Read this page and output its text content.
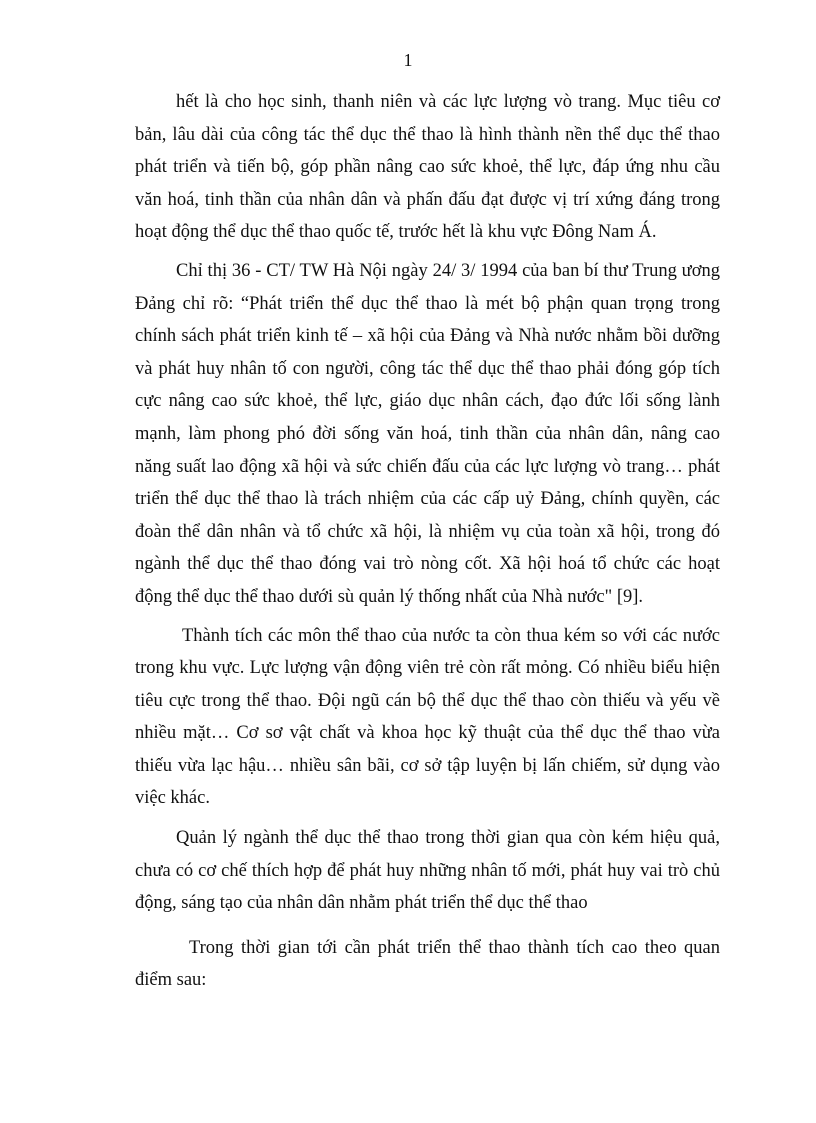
1

hết là cho học sinh, thanh niên và các lực lượng vò trang. Mục tiêu cơ bản, lâu dài của công tác thể dục thể thao là hình thành nền thể dục thể thao phát triển và tiến bộ, góp phần nâng cao sức khoẻ, thể lực, đáp ứng nhu cầu văn hoá, tinh thần của nhân dân và phấn đấu đạt được vị trí xứng đáng trong hoạt động thể dục thể thao quốc tế, trước hết là khu vực Đông Nam Á.

Chỉ thị 36 - CT/ TW Hà Nội ngày 24/ 3/ 1994 của ban bí thư Trung ương Đảng chỉ rõ: “Phát triển thể dục thể thao là mét bộ phận quan trọng trong chính sách phát triển kinh tế – xã hội của Đảng và Nhà nước nhằm bồi dưỡng và phát huy nhân tố con người, công tác thể dục thể thao phải đóng góp tích cực nâng cao sức khoẻ, thể lực, giáo dục nhân cách, đạo đức lối sống lành mạnh, làm phong phó đời sống văn hoá, tinh thần của nhân dân, nâng cao năng suất lao động xã hội và sức chiến đấu của các lực lượng vò trang… phát triển thể dục thể thao là trách nhiệm của các cấp uỷ Đảng, chính quyền, các đoàn thể dân nhân và tổ chức xã hội, là nhiệm vụ của toàn xã hội, trong đó ngành thể dục thể thao đóng vai trò nòng cốt. Xã hội hoá tổ chức các hoạt động thể dục thể thao dưới sù quản lý thống nhất của Nhà nước" [9].

Thành tích các môn thể thao của nước ta còn thua kém so với các nước trong khu vực. Lực lượng vận động viên trẻ còn rất mỏng. Có nhiều biểu hiện tiêu cực trong thể thao. Đội ngũ cán bộ thể dục thể thao còn thiếu và yếu về nhiều mặt… Cơ sơ vật chất và khoa học kỹ thuật của thể dục thể thao vừa thiếu vừa lạc hậu… nhiều sân bãi, cơ sở tập luyện bị lấn chiếm, sử dụng vào việc khác.

Quản lý ngành thể dục thể thao trong thời gian qua còn kém hiệu quả, chưa có cơ chế thích hợp để phát huy những nhân tố mới, phát huy vai trò chủ động, sáng tạo của nhân dân nhằm phát triển thể dục thể thao

Trong thời gian tới cần phát triển thể thao thành tích cao theo quan điểm sau:
